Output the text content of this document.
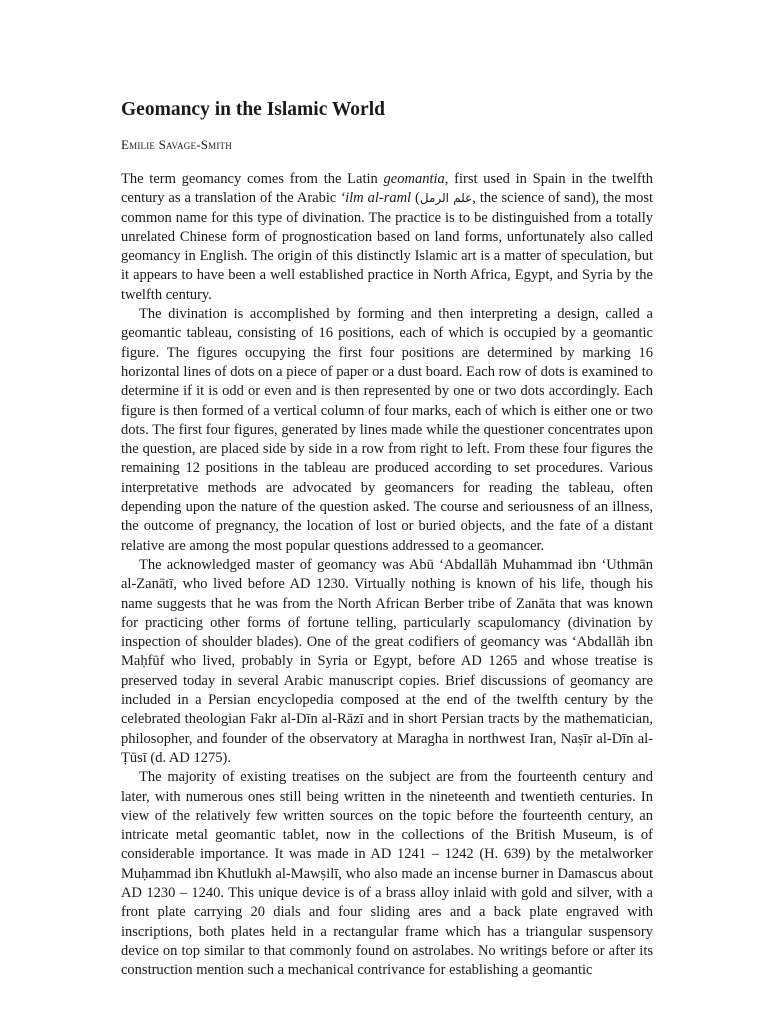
Geomancy in the Islamic World
Emilie Savage-Smith

The term geomancy comes from the Latin geomantia, first used in Spain in the twelfth century as a translation of the Arabic ‘ilm al-raml (علم الرمل, the science of sand), the most common name for this type of divination. The practice is to be distinguished from a totally unrelated Chinese form of prognostication based on land forms, unfortunately also called geomancy in English. The origin of this distinctly Islamic art is a matter of speculation, but it appears to have been a well established practice in North Africa, Egypt, and Syria by the twelfth century.

The divination is accomplished by forming and then interpreting a design, called a geomantic tableau, consisting of 16 positions, each of which is occupied by a geomantic figure. The figures occupying the first four positions are determined by marking 16 horizontal lines of dots on a piece of paper or a dust board. Each row of dots is examined to determine if it is odd or even and is then represented by one or two dots accordingly. Each figure is then formed of a vertical column of four marks, each of which is either one or two dots. The first four figures, generated by lines made while the questioner concentrates upon the question, are placed side by side in a row from right to left. From these four figures the remaining 12 positions in the tableau are produced according to set procedures. Various interpretative methods are advocated by geomancers for reading the tableau, often depending upon the nature of the question asked. The course and seriousness of an illness, the outcome of pregnancy, the location of lost or buried objects, and the fate of a distant relative are among the most popular questions addressed to a geomancer.

The acknowledged master of geomancy was Abū ‘Abdallāh Muhammad ibn ‘Uthmān al-Zanātī, who lived before AD 1230. Virtually nothing is known of his life, though his name suggests that he was from the North African Berber tribe of Zanāta that was known for practicing other forms of fortune telling, particularly scapulomancy (divination by inspection of shoulder blades). One of the great codifiers of geomancy was ‘Abdallāh ibn Maḥfūf who lived, probably in Syria or Egypt, before AD 1265 and whose treatise is preserved today in several Arabic manuscript copies. Brief discussions of geomancy are included in a Persian encyclopedia composed at the end of the twelfth century by the celebrated theologian Fakr al-Dīn al-Rāzī and in short Persian tracts by the mathematician, philosopher, and founder of the observatory at Maragha in northwest Iran, Naṣīr al-Dīn al-Ṭūsī (d. AD 1275).

The majority of existing treatises on the subject are from the fourteenth century and later, with numerous ones still being written in the nineteenth and twentieth centuries. In view of the relatively few written sources on the topic before the fourteenth century, an intricate metal geomantic tablet, now in the collections of the British Museum, is of considerable importance. It was made in AD 1241 – 1242 (H. 639) by the metalworker Muḥammad ibn Khutlukh al-Mawṣilī, who also made an incense burner in Damascus about AD 1230 – 1240. This unique device is of a brass alloy inlaid with gold and silver, with a front plate carrying 20 dials and four sliding ares and a back plate engraved with inscriptions, both plates held in a rectangular frame which has a triangular suspensory device on top similar to that commonly found on astrolabes. No writings before or after its construction mention such a mechanical contrivance for establishing a geomantic
